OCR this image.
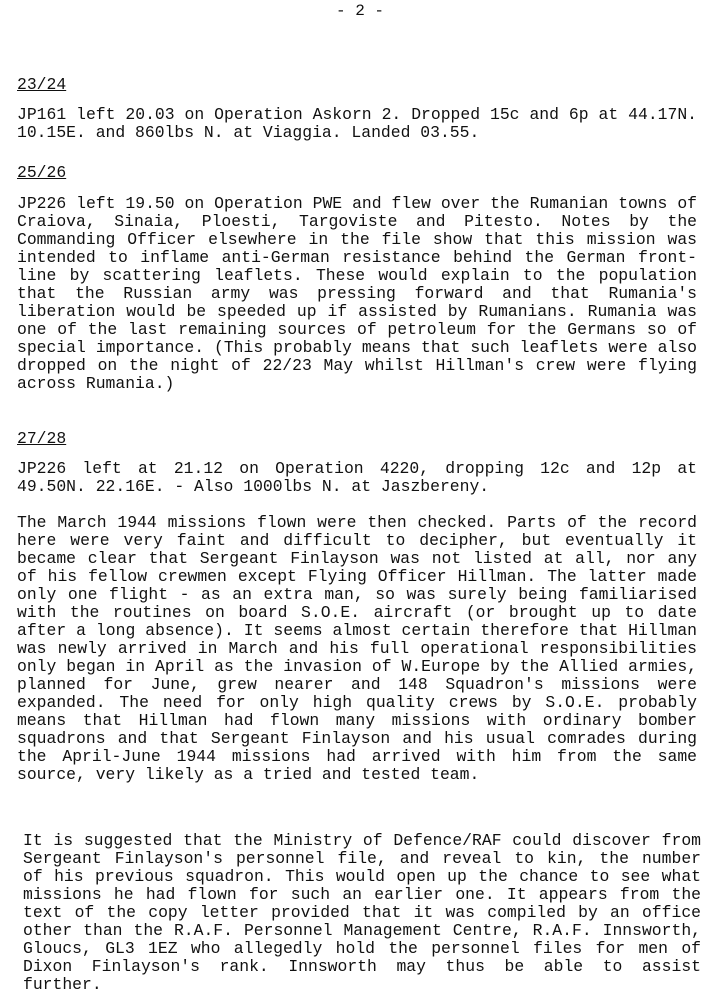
- 2 -
23/24

JP161 left 20.03 on Operation Askorn 2. Dropped 15c and 6p at 44.17N. 10.15E. and 860lbs N. at Viaggia. Landed 03.55.

25/26

JP226 left 19.50 on Operation PWE and flew over the Rumanian towns of Craiova, Sinaia, Ploesti, Targoviste and Pitesto. Notes by the Commanding Officer elsewhere in the file show that this mission was intended to inflame anti-German resistance behind the German front-line by scattering leaflets. These would explain to the population that the Russian army was pressing forward and that Rumania's liberation would be speeded up if assisted by Rumanians. Rumania was one of the last remaining sources of petroleum for the Germans so of special importance. (This probably means that such leaflets were also dropped on the night of 22/23 May whilst Hillman's crew were flying across Rumania.)

27/28

JP226 left at 21.12 on Operation 4220, dropping 12c and 12p at 49.50N. 22.16E. - Also 1000lbs N. at Jaszbereny.

The March 1944 missions flown were then checked. Parts of the record here were very faint and difficult to decipher, but eventually it became clear that Sergeant Finlayson was not listed at all, nor any of his fellow crewmen except Flying Officer Hillman. The latter made only one flight - as an extra man, so was surely being familiarised with the routines on board S.O.E. aircraft (or brought up to date after a long absence). It seems almost certain therefore that Hillman was newly arrived in March and his full operational responsibilities only began in April as the invasion of W.Europe by the Allied armies, planned for June, grew nearer and 148 Squadron's missions were expanded. The need for only high quality crews by S.O.E. probably means that Hillman had flown many missions with ordinary bomber squadrons and that Sergeant Finlayson and his usual comrades during the April-June 1944 missions had arrived with him from the same source, very likely as a tried and tested team.

It is suggested that the Ministry of Defence/RAF could discover from Sergeant Finlayson's personnel file, and reveal to kin, the number of his previous squadron. This would open up the chance to see what missions he had flown for such an earlier one. It appears from the text of the copy letter provided that it was compiled by an office other than the R.A.F. Personnel Management Centre, R.A.F. Innsworth, Gloucs, GL3 1EZ who allegedly hold the personnel files for men of Dixon Finlayson's rank. Innsworth may thus be able to assist further.
